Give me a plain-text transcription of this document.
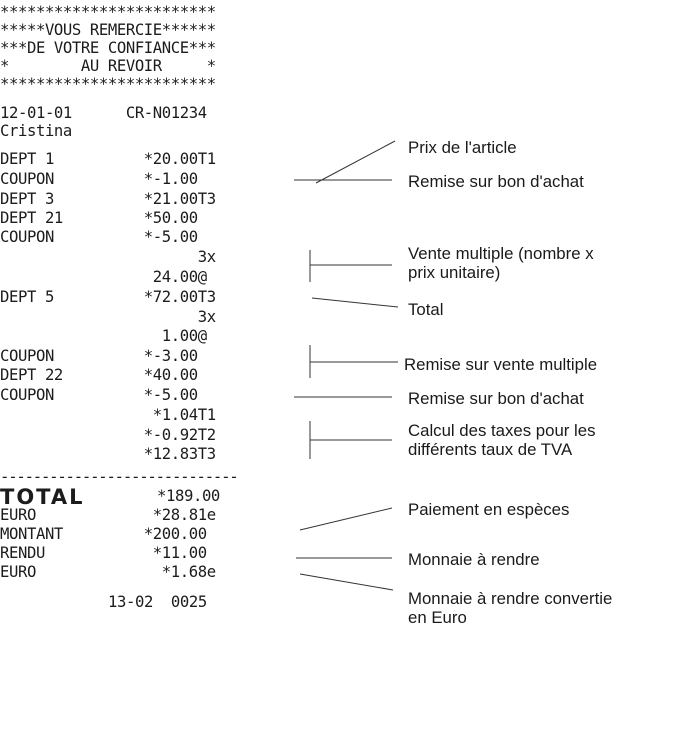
************************
*****VOUS REMERCIE******
***DE VOTRE CONFIANCE***
*        AU REVOIR     *
************************
12-01-01      CR-N01234
Cristina
DEPT 1          *20.00T1
COUPON          *-1.00
DEPT 3          *21.00T3
DEPT 21         *50.00
COUPON          *-5.00
3x
24.00@
DEPT 5          *72.00T3
3x
1.00@
COUPON          *-3.00
DEPT 22         *40.00
COUPON          *-5.00
*1.04T1
*-0.92T2
*12.83T3
-----------------------------
TOTAL	*189.00
EURO             *28.81e
MONTANT         *200.00
RENDU            *11.00
EURO              *1.68e
13-02  0025
Prix de l'article
Remise sur bon d'achat
Vente multiple (nombre x
prix unitaire)
Total
Remise sur vente multiple
Remise sur bon d'achat
Calcul des taxes pour les
différents taux de TVA
Paiement en espèces
Monnaie à rendre
Monnaie à rendre convertie
en Euro
